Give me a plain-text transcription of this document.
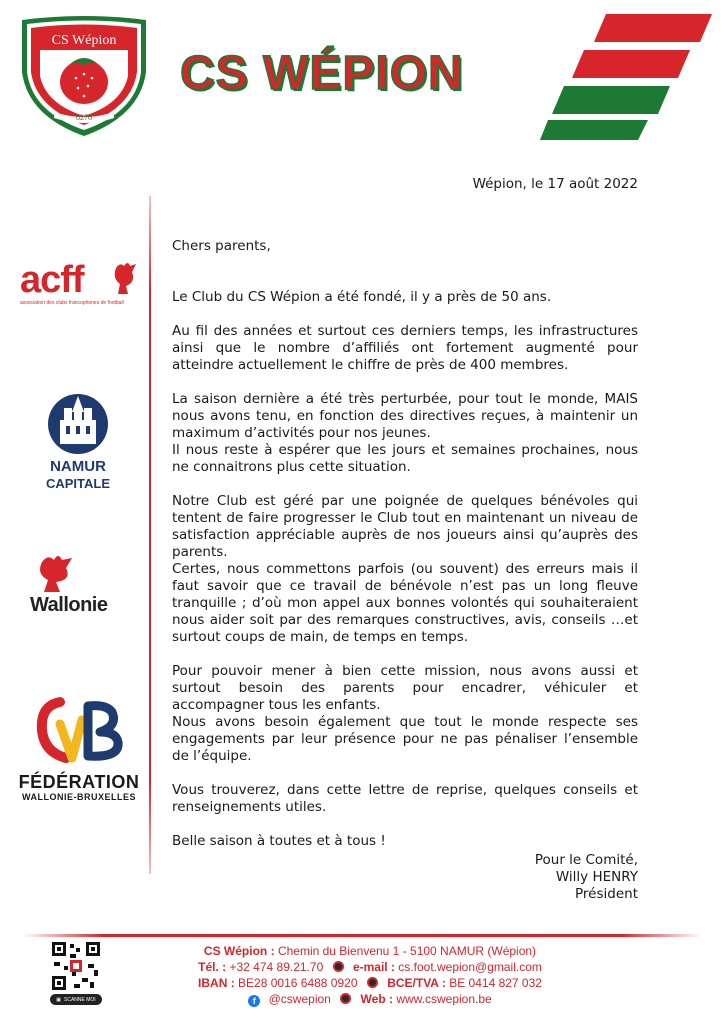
CS Wépion
8276
CS WÉPION
acff
association des clubs francophones de football
NAMUR
CAPITALE
Wallonie
FÉDÉRATION
WALLONIE-BRUXELLES
Wépion, le 17 août 2022

Chers parents,

Le Club du CS Wépion a été fondé, il y a près de 50 ans.

Au fil des années et surtout ces derniers temps, les infrastructures ainsi que le nombre d’affiliés ont fortement augmenté pour atteindre actuellement le chiffre de près de 400 membres.

La saison dernière a été très perturbée, pour tout le monde, MAIS nous avons tenu, en fonction des directives reçues, à maintenir un maximum d’activités pour nos jeunes.

Il nous reste à espérer que les jours et semaines prochaines, nous ne connaitrons plus cette situation.

Notre Club est géré par une poignée de quelques bénévoles qui tentent de faire progresser le Club tout en maintenant un niveau de satisfaction appréciable auprès de nos joueurs ainsi qu’auprès des parents.

Certes, nous commettons parfois (ou souvent) des erreurs mais il faut savoir que ce travail de bénévole n’est pas un long fleuve tranquille ; d’où mon appel aux bonnes volontés qui souhaiteraient nous aider soit par des remarques constructives, avis, conseils …et surtout coups de main, de temps en temps.

Pour pouvoir mener à bien cette mission, nous avons aussi et surtout besoin des parents pour encadrer, véhiculer et accompagner tous les enfants.

Nous avons besoin également que tout le monde respecte ses engagements par leur présence pour ne pas pénaliser l’ensemble de l’équipe.

Vous trouverez, dans cette lettre de reprise, quelques conseils et renseignements utiles.

Belle saison à toutes et à tous !

Pour le Comité,
Willy HENRY
Président
▣ SCANNE MOI
CS Wépion : Chemin du Bienvenu 1 - 5100 NAMUR (Wépion)
Tél. : +32 474 89.21.70 e-mail : cs.foot.wepion@gmail.com
IBAN : BE28 0016 6488 0920 BCE/TVA : BE 0414 827 032
f @cswepion Web : www.cswepion.be
